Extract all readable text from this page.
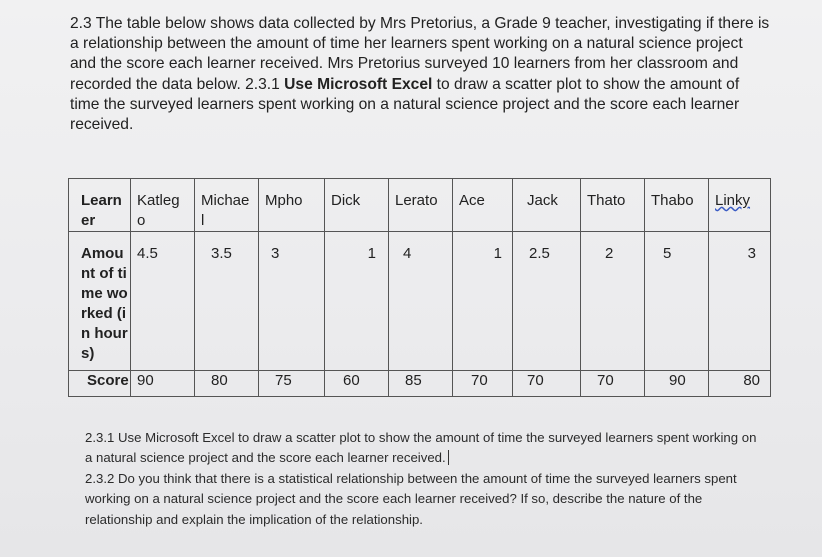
2.3 The table below shows data collected by Mrs Pretorius, a Grade 9 teacher, investigating if there is a relationship between the amount of time her learners spent working on a natural science project and the score each learner received. Mrs Pretorius surveyed 10 learners from her classroom and recorded the data below. 2.3.1 Use Microsoft Excel to draw a scatter plot to show the amount of time the surveyed learners spent working on a natural science project and the score each learner received.
Learner	Katlego	Michael	Mpho	Dick	Lerato	Ace	Jack	Thato	Thabo	Linky

Amount of time worked (in hours)	4.5	3.5	3	1	4	1	2.5	2	5	3

Score	90	80	75	60	85	70	70	70	90	80
2.3.1 Use Microsoft Excel to draw a scatter plot to show the amount of time the surveyed learners spent working on a natural science project and the score each learner received.
2.3.2 Do you think that there is a statistical relationship between the amount of time the surveyed learners spent working on a natural science project and the score each learner received? If so, describe the nature of the relationship and explain the implication of the relationship.
